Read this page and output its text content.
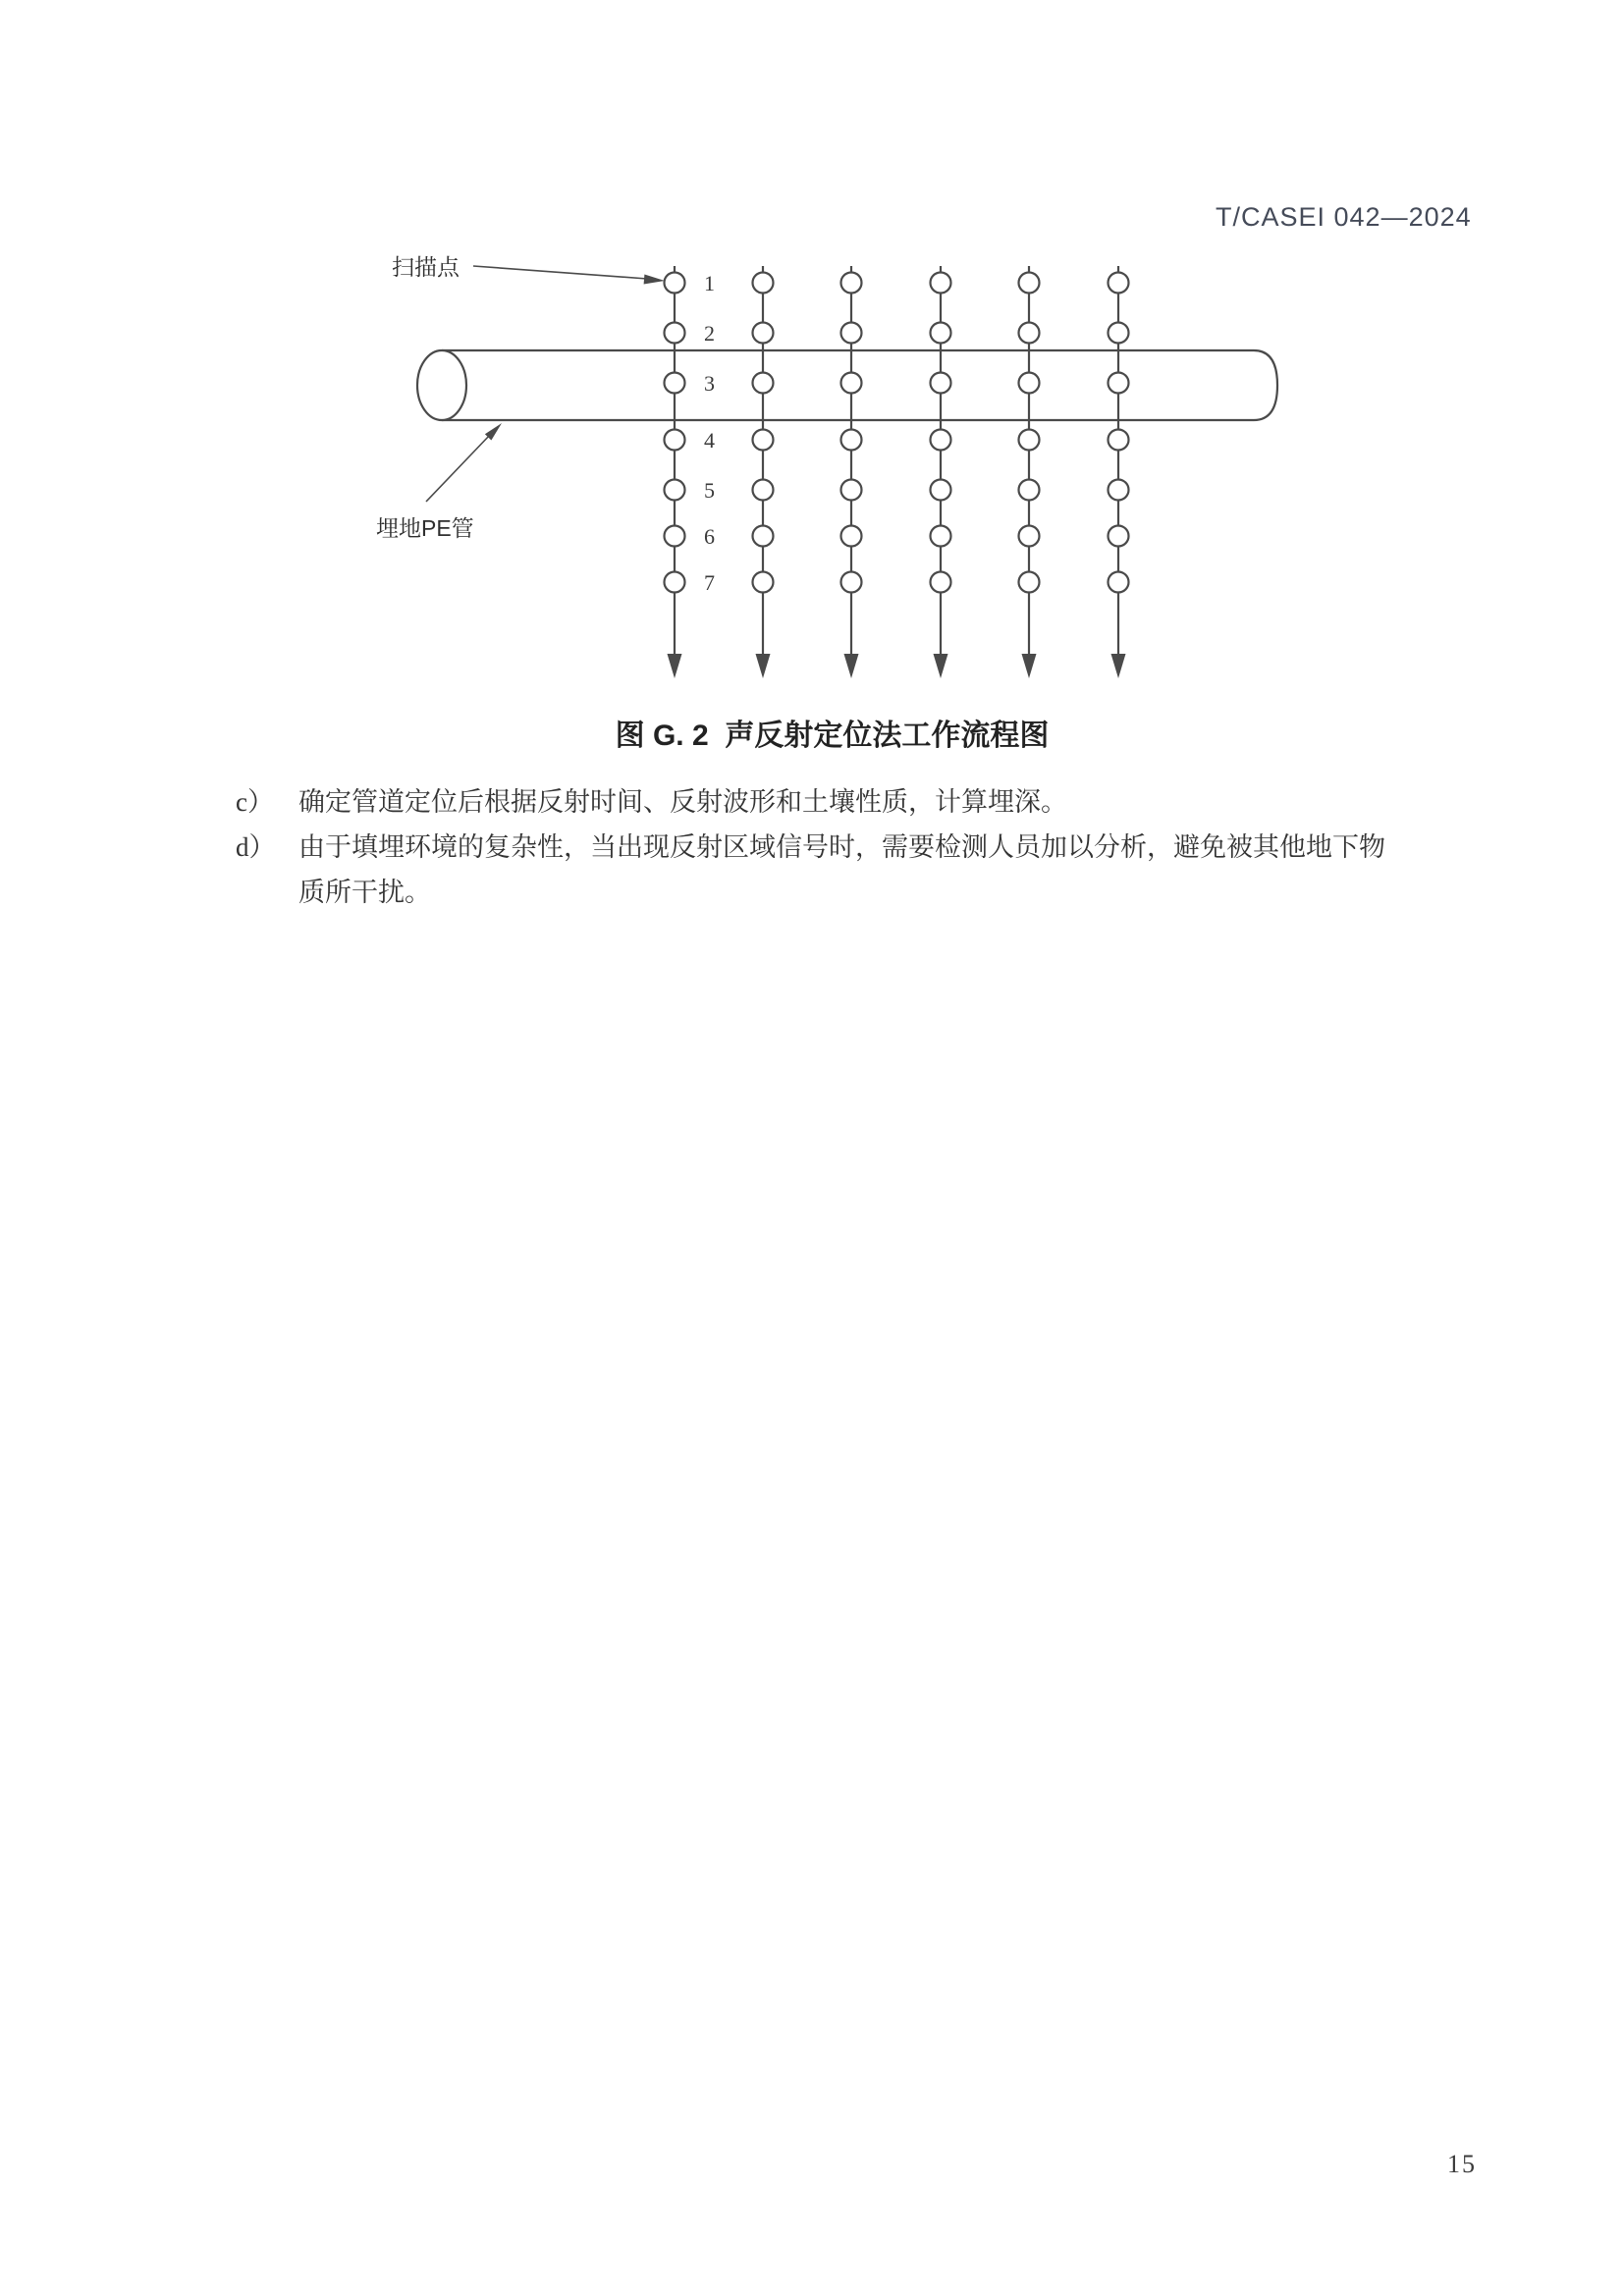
T/CASEI 042—2024
1
2
3
4
5
6
7
扫描点
埋地PE管
图 G. 2  声反射定位法工作流程图
c） 确定管道定位后根据反射时间、反射波形和土壤性质，计算埋深。
d） 由于填埋环境的复杂性，当出现反射区域信号时，需要检测人员加以分析，避免被其他地下物
质所干扰。
15
